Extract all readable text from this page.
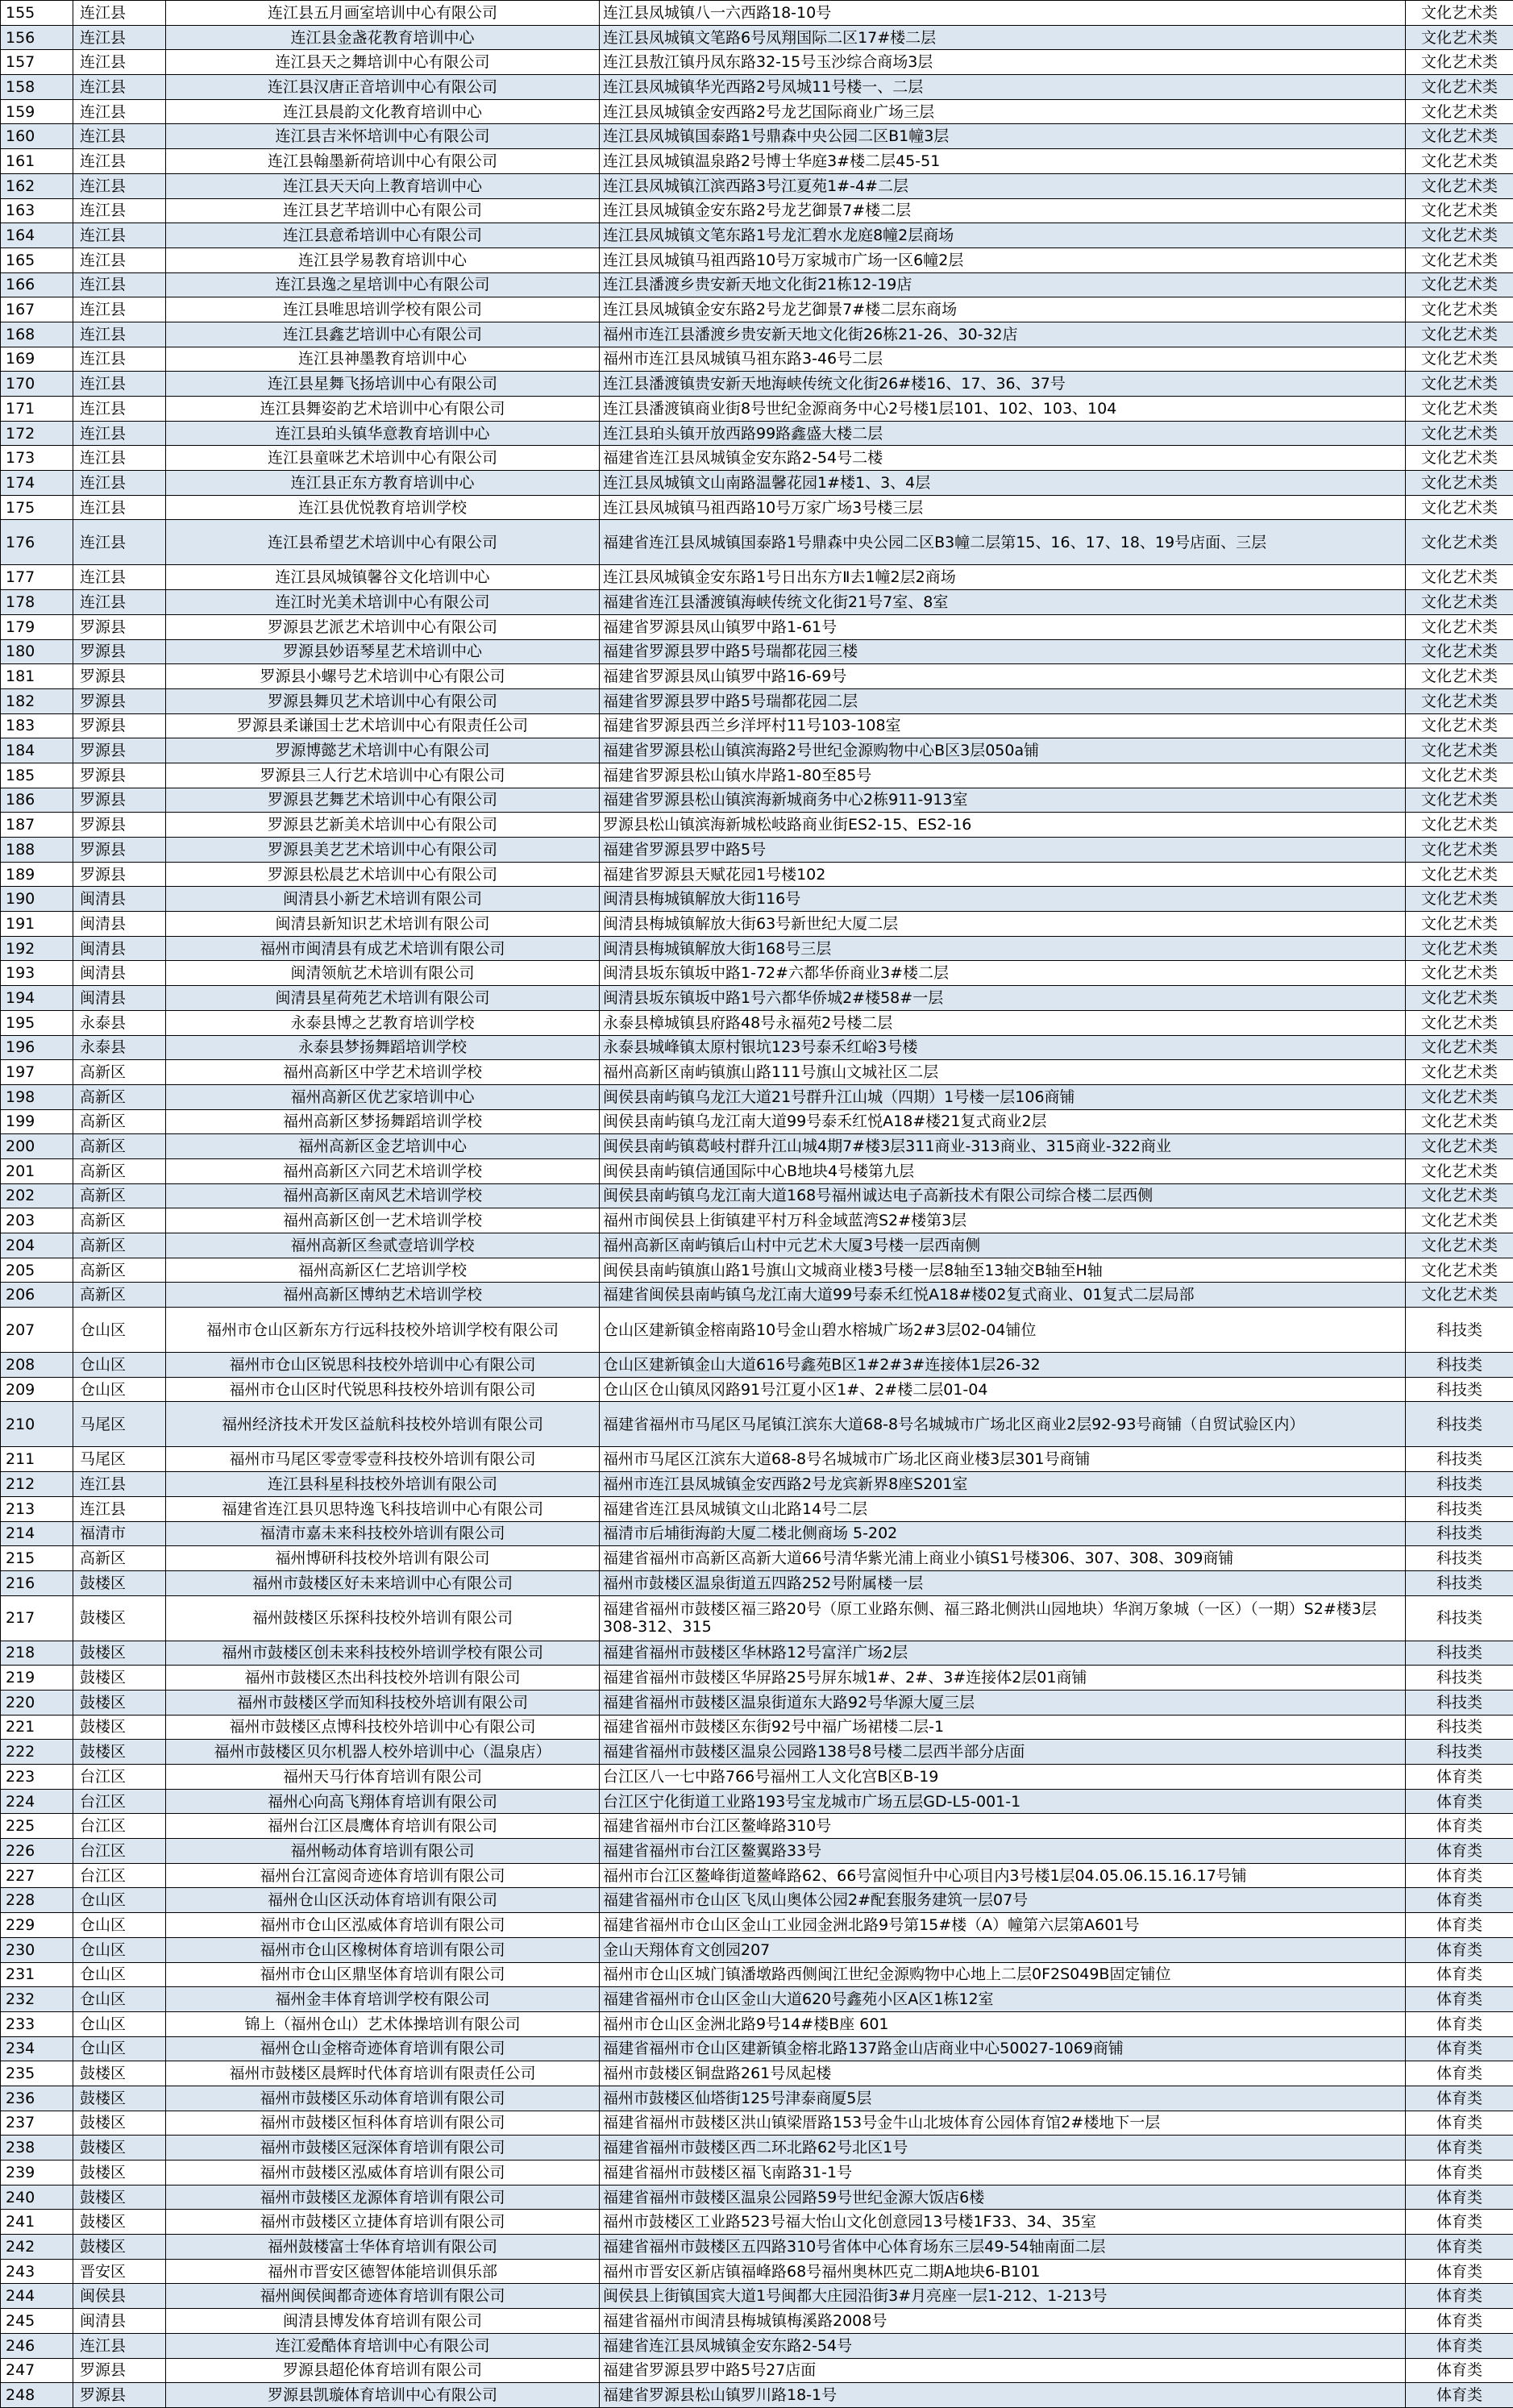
155	连江县	连江县五月画室培训中心有限公司	连江县凤城镇八一六西路18-10号	文化艺术类
156	连江县	连江县金盏花教育培训中心	连江县凤城镇文笔路6号凤翔国际二区17#楼二层	文化艺术类
157	连江县	连江县天之舞培训中心有限公司	连江县敖江镇丹凤东路32-15号玉沙综合商场3层	文化艺术类
158	连江县	连江县汉唐正音培训中心有限公司	连江县凤城镇华光西路2号凤城11号楼一、二层	文化艺术类
159	连江县	连江县晨韵文化教育培训中心	连江县凤城镇金安西路2号龙艺国际商业广场三层	文化艺术类
160	连江县	连江县吉米怀培训中心有限公司	连江县凤城镇国泰路1号鼎森中央公园二区B1幢3层	文化艺术类
161	连江县	连江县翰墨新荷培训中心有限公司	连江县凤城镇温泉路2号博士华庭3#楼二层45-51	文化艺术类
162	连江县	连江县天天向上教育培训中心	连江县凤城镇江滨西路3号江夏苑1#-4#二层	文化艺术类
163	连江县	连江县艺芊培训中心有限公司	连江县凤城镇金安东路2号龙艺御景7#楼二层	文化艺术类
164	连江县	连江县意希培训中心有限公司	连江县凤城镇文笔东路1号龙汇碧水龙庭8幢2层商场	文化艺术类
165	连江县	连江县学易教育培训中心	连江县凤城镇马祖西路10号万家城市广场一区6幢2层	文化艺术类
166	连江县	连江县逸之星培训中心有限公司	连江县潘渡乡贵安新天地文化街21栋12-19店	文化艺术类
167	连江县	连江县唯思培训学校有限公司	连江县凤城镇金安东路2号龙艺御景7#楼二层东商场	文化艺术类
168	连江县	连江县鑫艺培训中心有限公司	福州市连江县潘渡乡贵安新天地文化街26栋21-26、30-32店	文化艺术类
169	连江县	连江县神墨教育培训中心	福州市连江县凤城镇马祖东路3-46号二层	文化艺术类
170	连江县	连江县星舞飞扬培训中心有限公司	连江县潘渡镇贵安新天地海峡传统文化街26#楼16、17、36、37号	文化艺术类
171	连江县	连江县舞姿韵艺术培训中心有限公司	连江县潘渡镇商业街8号世纪金源商务中心2号楼1层101、102、103、104	文化艺术类
172	连江县	连江县珀头镇华意教育培训中心	连江县珀头镇开放西路99路鑫盛大楼二层	文化艺术类
173	连江县	连江县童咪艺术培训中心有限公司	福建省连江县凤城镇金安东路2-54号二楼	文化艺术类
174	连江县	连江县正东方教育培训中心	连江县凤城镇文山南路温馨花园1#楼1、3、4层	文化艺术类
175	连江县	连江县优悦教育培训学校	连江县凤城镇马祖西路10号万家广场3号楼三层	文化艺术类
176	连江县	连江县希望艺术培训中心有限公司	福建省连江县凤城镇国泰路1号鼎森中央公园二区B3幢二层第15、16、17、18、19号店面、三层	文化艺术类
177	连江县	连江县凤城镇馨谷文化培训中心	连江县凤城镇金安东路1号日出东方Ⅱ去1幢2层2商场	文化艺术类
178	连江县	连江时光美术培训中心有限公司	福建省连江县潘渡镇海峡传统文化街21号7室、8室	文化艺术类
179	罗源县	罗源县艺派艺术培训中心有限公司	福建省罗源县凤山镇罗中路1-61号	文化艺术类
180	罗源县	罗源县妙语琴星艺术培训中心	福建省罗源县罗中路5号瑞都花园三楼	文化艺术类
181	罗源县	罗源县小螺号艺术培训中心有限公司	福建省罗源县凤山镇罗中路16-69号	文化艺术类
182	罗源县	罗源县舞贝艺术培训中心有限公司	福建省罗源县罗中路5号瑞都花园二层	文化艺术类
183	罗源县	罗源县柔谦国士艺术培训中心有限责任公司	福建省罗源县西兰乡洋坪村11号103-108室	文化艺术类
184	罗源县	罗源博懿艺术培训中心有限公司	福建省罗源县松山镇滨海路2号世纪金源购物中心B区3层050a铺	文化艺术类
185	罗源县	罗源县三人行艺术培训中心有限公司	福建省罗源县松山镇水岸路1-80至85号	文化艺术类
186	罗源县	罗源县艺舞艺术培训中心有限公司	福建省罗源县松山镇滨海新城商务中心2栋911-913室	文化艺术类
187	罗源县	罗源县艺新美术培训中心有限公司	罗源县松山镇滨海新城松岐路商业街ES2-15、ES2-16	文化艺术类
188	罗源县	罗源县美艺艺术培训中心有限公司	福建省罗源县罗中路5号	文化艺术类
189	罗源县	罗源县松晨艺术培训中心有限公司	福建省罗源县天赋花园1号楼102	文化艺术类
190	闽清县	闽清县小新艺术培训有限公司	闽清县梅城镇解放大街116号	文化艺术类
191	闽清县	闽清县新知识艺术培训有限公司	闽清县梅城镇解放大街63号新世纪大厦二层	文化艺术类
192	闽清县	福州市闽清县有成艺术培训有限公司	闽清县梅城镇解放大街168号三层	文化艺术类
193	闽清县	闽清领航艺术培训有限公司	闽清县坂东镇坂中路1-72#六都华侨商业3#楼二层	文化艺术类
194	闽清县	闽清县星荷苑艺术培训有限公司	闽清县坂东镇坂中路1号六都华侨城2#楼58#一层	文化艺术类
195	永泰县	永泰县博之艺教育培训学校	永泰县樟城镇县府路48号永福苑2号楼二层	文化艺术类
196	永泰县	永泰县梦扬舞蹈培训学校	永泰县城峰镇太原村银坑123号泰禾红峪3号楼	文化艺术类
197	高新区	福州高新区中学艺术培训学校	福州高新区南屿镇旗山路111号旗山文城社区二层	文化艺术类
198	高新区	福州高新区优艺家培训中心	闽侯县南屿镇乌龙江大道21号群升江山城（四期）1号楼一层106商铺	文化艺术类
199	高新区	福州高新区梦扬舞蹈培训学校	闽侯县南屿镇乌龙江南大道99号泰禾红悦A18#楼21复式商业2层	文化艺术类
200	高新区	福州高新区金艺培训中心	闽侯县南屿镇葛岐村群升江山城4期7#楼3层311商业-313商业、315商业-322商业	文化艺术类
201	高新区	福州高新区六同艺术培训学校	闽侯县南屿镇信通国际中心B地块4号楼第九层	文化艺术类
202	高新区	福州高新区南风艺术培训学校	闽侯县南屿镇乌龙江南大道168号福州诚达电子高新技术有限公司综合楼二层西侧	文化艺术类
203	高新区	福州高新区创一艺术培训学校	福州市闽侯县上街镇建平村万科金域蓝湾S2#楼第3层	文化艺术类
204	高新区	福州高新区叁贰壹培训学校	福州高新区南屿镇后山村中元艺术大厦3号楼一层西南侧	文化艺术类
205	高新区	福州高新区仁艺培训学校	闽侯县南屿镇旗山路1号旗山文城商业楼3号楼一层8轴至13轴交B轴至H轴	文化艺术类
206	高新区	福州高新区博纳艺术培训学校	福建省闽侯县南屿镇乌龙江南大道99号泰禾红悦A18#楼02复式商业、01复式二层局部	文化艺术类
207	仓山区	福州市仓山区新东方行远科技校外培训学校有限公司	仓山区建新镇金榕南路10号金山碧水榕城广场2#3层02-04铺位	科技类
208	仓山区	福州市仓山区锐思科技校外培训中心有限公司	仓山区建新镇金山大道616号鑫苑B区1#2#3#连接体1层26-32	科技类
209	仓山区	福州市仓山区时代锐思科技校外培训有限公司	仓山区仓山镇凤冈路91号江夏小区1#、2#楼二层01-04	科技类
210	马尾区	福州经济技术开发区益航科技校外培训有限公司	福建省福州市马尾区马尾镇江滨东大道68-8号名城城市广场北区商业2层92-93号商铺（自贸试验区内）	科技类
211	马尾区	福州市马尾区零壹零壹科技校外培训有限公司	福州市马尾区江滨东大道68-8号名城城市广场北区商业楼3层301号商铺	科技类
212	连江县	连江县科星科技校外培训有限公司	福州市连江县凤城镇金安西路2号龙宾新界8座S201室	科技类
213	连江县	福建省连江县贝思特逸飞科技培训中心有限公司	福建省连江县凤城镇文山北路14号二层	科技类
214	福清市	福清市嘉未来科技校外培训有限公司	福清市后埔街海韵大厦二楼北侧商场 5-202	科技类
215	高新区	福州博研科技校外培训有限公司	福建省福州市高新区高新大道66号清华紫光浦上商业小镇S1号楼306、307、308、309商铺	科技类
216	鼓楼区	福州市鼓楼区好未来培训中心有限公司	福州市鼓楼区温泉街道五四路252号附属楼一层	科技类
217	鼓楼区	福州鼓楼区乐探科技校外培训有限公司	福建省福州市鼓楼区福三路20号（原工业路东侧、福三路北侧洪山园地块）华润万象城（一区）（一期）S2#楼3层308-312、315	科技类
218	鼓楼区	福州市鼓楼区创未来科技校外培训学校有限公司	福建省福州市鼓楼区华林路12号富洋广场2层	科技类
219	鼓楼区	福州市鼓楼区杰出科技校外培训有限公司	福建省福州市鼓楼区华屏路25号屏东城1#、2#、3#连接体2层01商铺	科技类
220	鼓楼区	福州市鼓楼区学而知科技校外培训有限公司	福建省福州市鼓楼区温泉街道东大路92号华源大厦三层	科技类
221	鼓楼区	福州市鼓楼区点博科技校外培训中心有限公司	福建省福州市鼓楼区东街92号中福广场裙楼二层-1	科技类
222	鼓楼区	福州市鼓楼区贝尔机器人校外培训中心（温泉店）	福建省福州市鼓楼区温泉公园路138号8号楼二层西半部分店面	科技类
223	台江区	福州天马行体育培训有限公司	台江区八一七中路766号福州工人文化宫B区B-19	体育类
224	台江区	福州心向高飞翔体育培训有限公司	台江区宁化街道工业路193号宝龙城市广场五层GD-L5-001-1	体育类
225	台江区	福州台江区晨鹰体育培训有限公司	福建省福州市台江区鳌峰路310号	体育类
226	台江区	福州畅动体育培训有限公司	福建省福州市台江区鳌翼路33号	体育类
227	台江区	福州台江富阅奇迹体育培训有限公司	福州市台江区鳌峰街道鳌峰路62、66号富阅恒升中心项目内3号楼1层04.05.06.15.16.17号铺	体育类
228	仓山区	福州仓山区沃动体育培训有限公司	福建省福州市仓山区飞凤山奥体公园2#配套服务建筑一层07号	体育类
229	仓山区	福州市仓山区泓威体育培训有限公司	福建省福州市仓山区金山工业园金洲北路9号第15#楼（A）幢第六层第A601号	体育类
230	仓山区	福州市仓山区橡树体育培训有限公司	金山天翔体育文创园207	体育类
231	仓山区	福州市仓山区鼎坚体育培训有限公司	福州市仓山区城门镇潘墩路西侧闽江世纪金源购物中心地上二层0F2S049B固定铺位	体育类
232	仓山区	福州金丰体育培训学校有限公司	福建省福州市仓山区金山大道620号鑫苑小区A区1栋12室	体育类
233	仓山区	锦上（福州仓山）艺术体操培训有限公司	福州市仓山区金洲北路9号14#楼B座 601	体育类
234	仓山区	福州仓山金榕奇迹体育培训有限公司	福建省福州市仓山区建新镇金榕北路137路金山店商业中心50027-1069商铺	体育类
235	鼓楼区	福州市鼓楼区晨辉时代体育培训有限责任公司	福州市鼓楼区铜盘路261号凤起楼	体育类
236	鼓楼区	福州市鼓楼区乐动体育培训有限公司	福州市鼓楼区仙塔街125号津泰商厦5层	体育类
237	鼓楼区	福州市鼓楼区恒科体育培训有限公司	福建省福州市鼓楼区洪山镇梁厝路153号金牛山北坡体育公园体育馆2#楼地下一层	体育类
238	鼓楼区	福州市鼓楼区冠深体育培训有限公司	福建省福州市鼓楼区西二环北路62号北区1号	体育类
239	鼓楼区	福州市鼓楼区泓威体育培训有限公司	福建省福州市鼓楼区福飞南路31-1号	体育类
240	鼓楼区	福州市鼓楼区龙源体育培训有限公司	福建省福州市鼓楼区温泉公园路59号世纪金源大饭店6楼	体育类
241	鼓楼区	福州市鼓楼区立捷体育培训有限公司	福州市鼓楼区工业路523号福大怡山文化创意园13号楼1F33、34、35室	体育类
242	鼓楼区	福州鼓楼富士华体育培训有限公司	福建省福州市鼓楼区五四路310号省体中心体育场东三层49-54轴南面二层	体育类
243	晋安区	福州市晋安区德智体能培训俱乐部	福州市晋安区新店镇福峰路68号福州奥林匹克二期A地块6-B101	体育类
244	闽侯县	福州闽侯闽都奇迹体育培训有限公司	闽侯县上街镇国宾大道1号闽都大庄园沿街3#月亮座一层1-212、1-213号	体育类
245	闽清县	闽清县博发体育培训有限公司	福建省福州市闽清县梅城镇梅溪路2008号	体育类
246	连江县	连江爱酷体育培训中心有限公司	福建省连江县凤城镇金安东路2-54号	体育类
247	罗源县	罗源县超伦体育培训有限公司	福建省罗源县罗中路5号27店面	体育类
248	罗源县	罗源县凯璇体育培训中心有限公司	福建省罗源县松山镇罗川路18-1号	体育类
